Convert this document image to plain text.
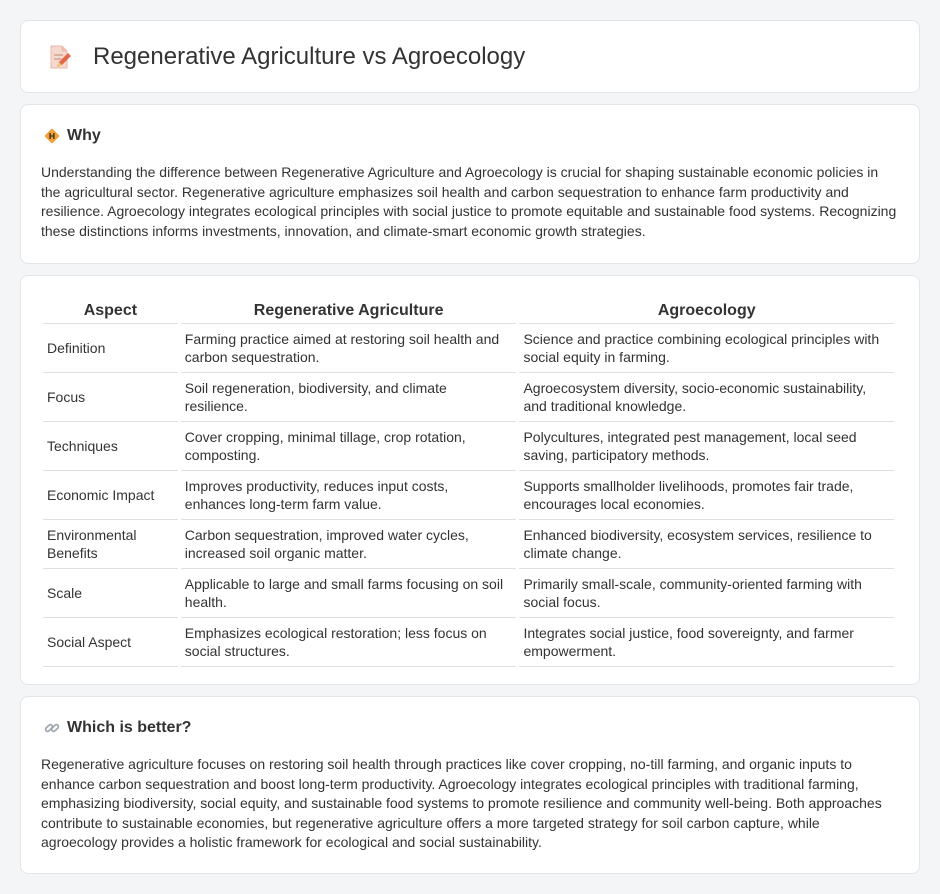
Regenerative Agriculture vs Agroecology
Why

Understanding the difference between Regenerative Agriculture and Agroecology is crucial for shaping sustainable economic policies in the agricultural sector. Regenerative agriculture emphasizes soil health and carbon sequestration to enhance farm productivity and resilience. Agroecology integrates ecological principles with social justice to promote equitable and sustainable food systems. Recognizing these distinctions informs investments, innovation, and climate-smart economic growth strategies.

Aspect	Regenerative Agriculture	Agroecology
Definition	Farming practice aimed at restoring soil health and carbon sequestration.	Science and practice combining ecological principles with social equity in farming.
Focus	Soil regeneration, biodiversity, and climate resilience.	Agroecosystem diversity, socio-economic sustainability, and traditional knowledge.
Techniques	Cover cropping, minimal tillage, crop rotation, composting.	Polycultures, integrated pest management, local seed saving, participatory methods.
Economic Impact	Improves productivity, reduces input costs, enhances long-term farm value.	Supports smallholder livelihoods, promotes fair trade, encourages local economies.
Environmental Benefits	Carbon sequestration, improved water cycles, increased soil organic matter.	Enhanced biodiversity, ecosystem services, resilience to climate change.
Scale	Applicable to large and small farms focusing on soil health.	Primarily small-scale, community-oriented farming with social focus.
Social Aspect	Emphasizes ecological restoration; less focus on social structures.	Integrates social justice, food sovereignty, and farmer empowerment.
Which is better?

Regenerative agriculture focuses on restoring soil health through practices like cover cropping, no-till farming, and organic inputs to enhance carbon sequestration and boost long-term productivity. Agroecology integrates ecological principles with traditional farming, emphasizing biodiversity, social equity, and sustainable food systems to promote resilience and community well-being. Both approaches contribute to sustainable economies, but regenerative agriculture offers a more targeted strategy for soil carbon capture, while agroecology provides a holistic framework for ecological and social sustainability.
